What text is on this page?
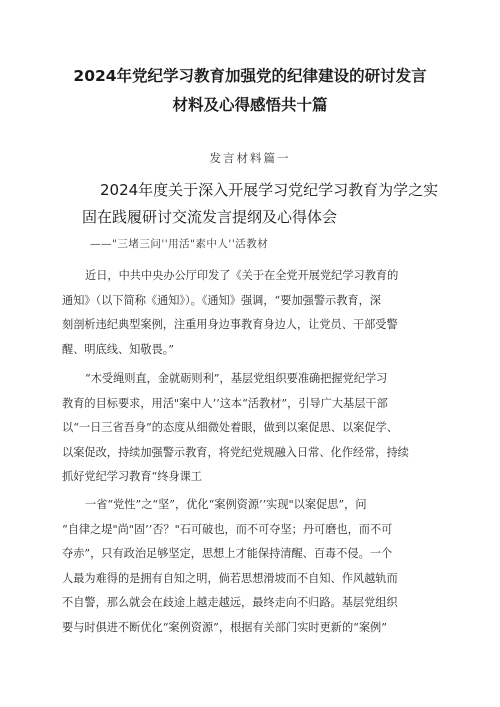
2024年党纪学习教育加强党的纪律建设的研讨发言
材料及心得感悟共十篇
发言材料篇一
2024年度关于深入开展学习党纪学习教育为学之实
固在践履研讨交流发言提纲及心得体会
——"三堵三问''用活"素中人''活教材
近日，中共中央办公厅印发了《关于在全党开展党纪学习教育的
通知》（以下简称《通知》）。《通知》强调，“要加强警示教育，深
刻剖析违纪典型案例，注重用身边事教育身边人，让党员、干部受警
醒、明底线、知敬畏。”
“木受绳则直，金就砺则利”，基层党组织要准确把握党纪学习
教育的目标要求，用活"案中人’’这本“活教材”，引导广大基层干部
以“一日三省吾身”的态度从细微处着眼，做到以案促思、以案促学、
以案促改，持续加强警示教育，将党纪党规融入日常、化作经常，持续
抓好党纪学习教育“终身课工
一省“党性”之“坚”，优化“案例资源’’实现"以案促思”，问
“自律之堤"尚"固’’否？"石可破也，而不可夺坚；丹可磨也，而不可
夺赤”，只有政治足够坚定，思想上才能保持清醒、百毒不侵。一个
人最为难得的是拥有自知之明，倘若思想滑坡而不自知、作风越轨而
不自警，那么就会在歧途上越走越远，最终走向不归路。基层党组织
要与时俱进不断优化“案例资源”，根据有关部门实时更新的“案例”
